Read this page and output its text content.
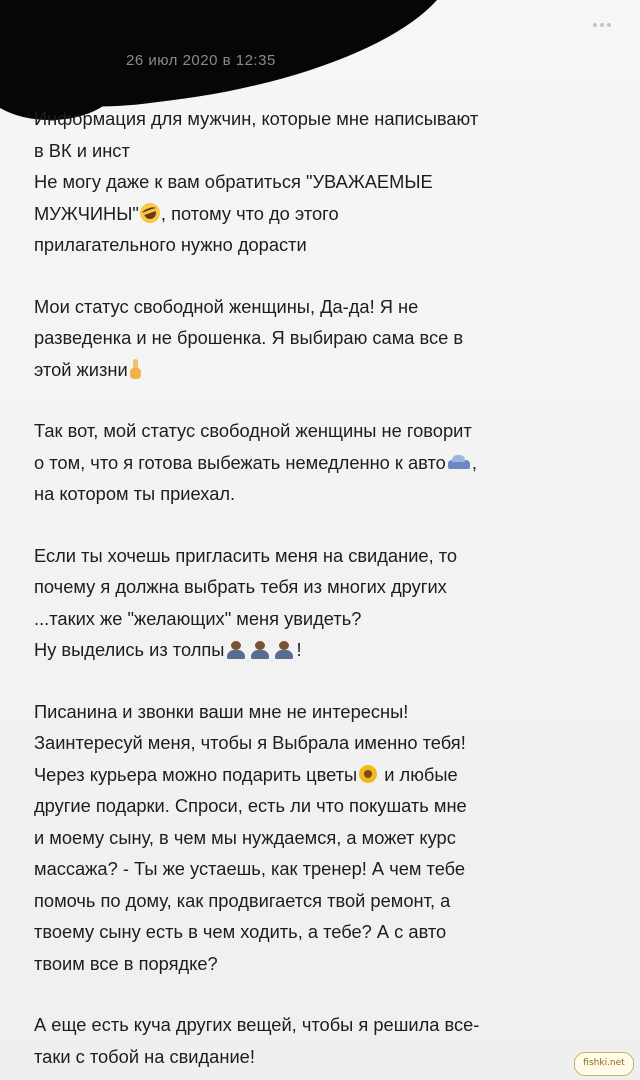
26 июл 2020 в 12:35
Информация для мужчин, которые мне написывают
в ВК и инст
Не могу даже к вам обратиться "УВАЖАЕМЫЕ
МУЖЧИНЫ" , потому что до этого
прилагательного нужно дорасти
Мои статус свободной женщины, Да-да! Я не
разведенка и не брошенка. Я выбираю сама все в
этой жизни
Так вот, мой статус свободной женщины не говорит
о том, что я готова выбежать немедленно к авто ,
на котором ты приехал.
Если ты хочешь пригласить меня на свидание, то
почему я должна выбрать тебя из многих других
...таких же "желающих" меня увидеть?
Ну выделись из толпы	!
Писанина и звонки ваши мне не интересны!
Заинтересуй меня, чтобы я Выбрала именно тебя!
Через курьера можно подарить цветы и любые
другие подарки. Спроси, есть ли что покушать мне
и моему сыну, в чем мы нуждаемся, а может курс
массажа? - Ты же устаешь, как тренер! А чем тебе
помочь по дому, как продвигается твой ремонт, а
твоему сыну есть в чем ходить, а тебе? А с авто
твоим все в порядке?
А еще есть куча других вещей, чтобы я решила все-
таки с тобой на свидание!	fishki.net
